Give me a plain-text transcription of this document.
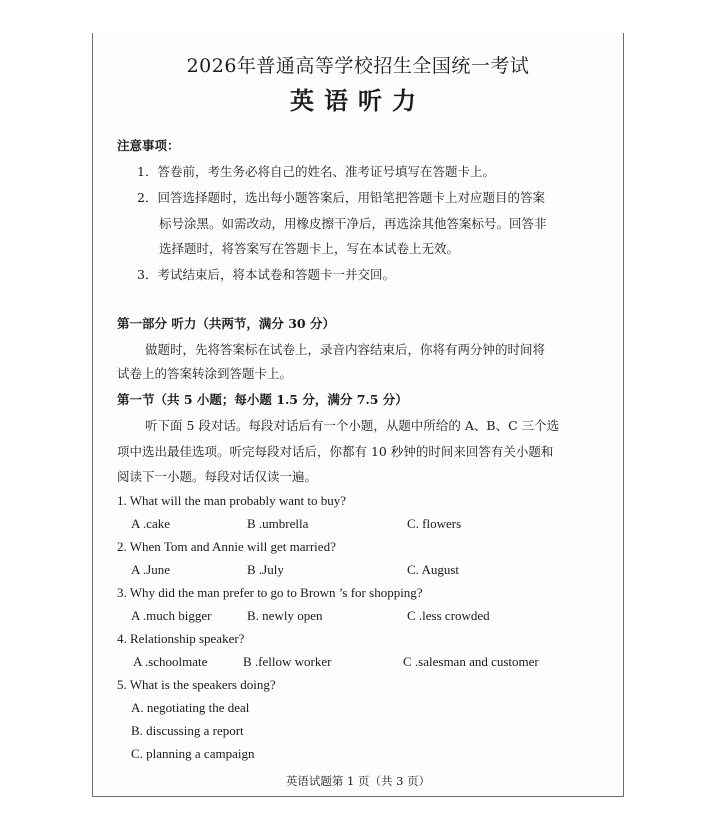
2026年普通高等学校招生全国统一考试
英语听力
注意事项：
1．答卷前，考生务必将自己的姓名、准考证号填写在答题卡上。
2．回答选择题时，选出每小题答案后，用铅笔把答题卡上对应题目的答案
标号涂黑。如需改动，用橡皮擦干净后，再选涂其他答案标号。回答非
选择题时，将答案写在答题卡上，写在本试卷上无效。
3．考试结束后，将本试卷和答题卡一并交回。
第一部分 听力（共两节，满分 30 分）
做题时，先将答案标在试卷上，录音内容结束后，你将有两分钟的时间将
试卷上的答案转涂到答题卡上。
第一节（共 5 小题；每小题 1.5 分，满分 7.5 分）
听下面 5 段对话。每段对话后有一个小题，从题中所给的 A、B、C 三个选
项中选出最佳选项。听完每段对话后，你都有 10 秒钟的时间来回答有关小题和
阅读下一小题。每段对话仅读一遍。
1. What will the man probably want to buy?
A .cake	B .umbrella	C. flowers
2. When Tom and Annie will get married?
A .June	B .July	C. August
3. Why did the man prefer to go to Brown ’s for shopping?
A .much bigger	B. newly open	C .less crowded
4. Relationship speaker?
A .schoolmate	B .fellow worker	C .salesman and customer
5. What is the speakers doing?
A. negotiating the deal
B. discussing a report
C. planning a campaign
英语试题第 1 页（共 3 页）
